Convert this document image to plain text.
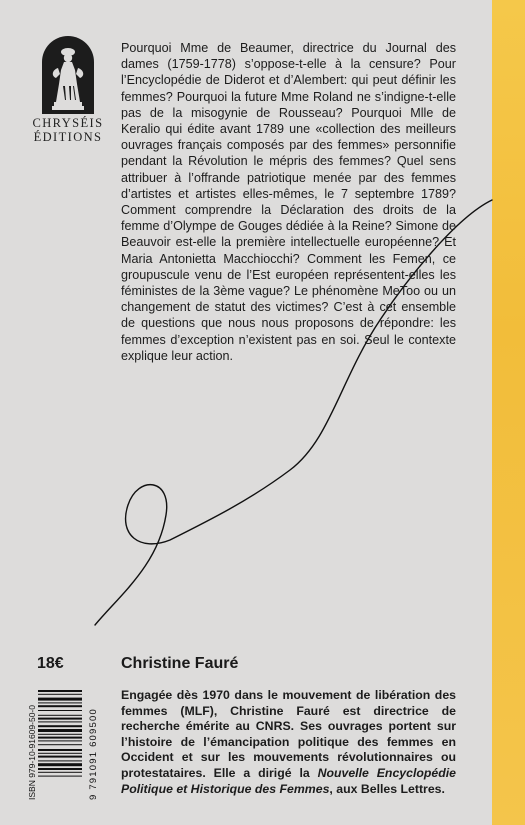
CHRYSÉIS
ÉDITIONS

Pourquoi Mme de Beaumer, directrice du Journal des dames (1759-1778) s’oppose-t-elle à la censure? Pour l’Encyclopédie de Diderot et d’Alembert: qui peut définir les femmes? Pourquoi la future Mme Roland ne s’indigne-t-elle pas de la misogynie de Rousseau? Pourquoi Mlle de Keralio qui édite avant 1789 une «collection des meilleurs ouvrages français composés par des femmes» personnifie pendant la Révolution le mépris des femmes? Quel sens attribuer à l’offrande patriotique menée par des femmes d’artistes et artistes elles-mêmes, le 7 septembre 1789? Comment comprendre la Déclaration des droits de la femme d’Olympe de Gouges dédiée à la Reine? Simone de Beauvoir est-elle la première intellectuelle européenne? Et Maria Antonietta Macchiocchi? Comment les Femen, ce groupuscule venu de l’Est européen représentent-elles les féministes de la 3ème vague? Le phénomène MeToo ou un changement de statut des victimes? C’est à cet ensemble de questions que nous nous proposons de répondre: les femmes d’exception n’existent pas en soi. Seul le contexte explique leur action.

18€	Christine Fauré

Engagée dès 1970 dans le mouvement de libération des femmes (MLF), Christine Fauré est directrice de recherche émérite au CNRS. Ses ouvrages portent sur l’histoire de l’émancipation politique des femmes en Occident et sur les mouvements révolutionnaires ou protestataires. Elle a dirigé la Nouvelle Encyclopédie Politique et Historique des Femmes, aux Belles Lettres.

ISBN 979-10-91609-50-0	9 791091 609500
